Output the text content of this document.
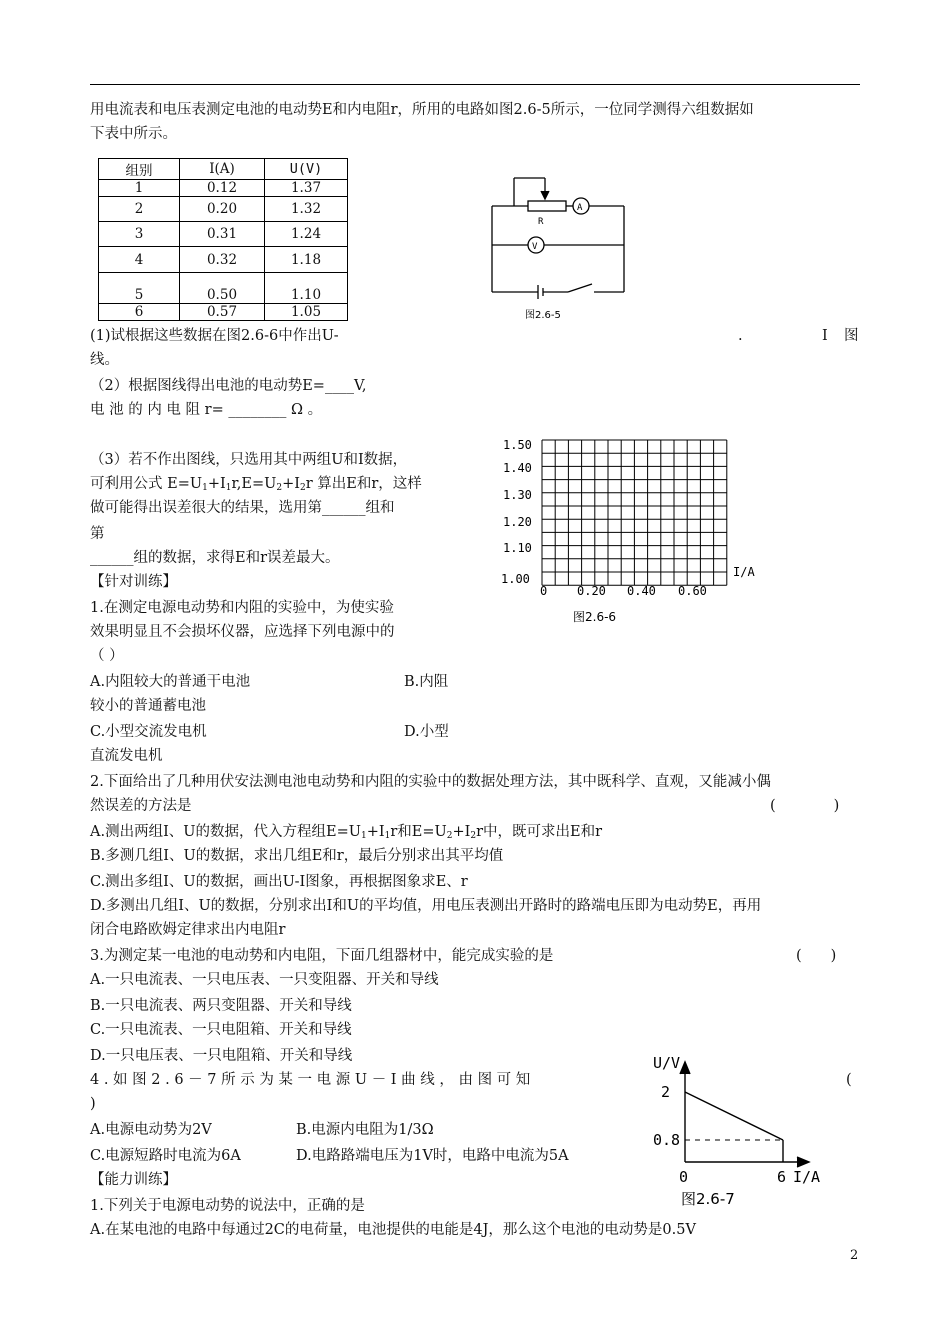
用电流表和电压表测定电池的电动势E和内电阻r，所用的电路如图2.6-5所示，一位同学测得六组数据如
下表中所示。
组别	I(A)	U(V)
1	0.12	1.37
2	0.20	1.32
3	0.31	1.24
4	0.32	1.18
5	0.50	1.10
6	0.57	1.05
R
A
V
图2.6-5
(1)试根据这些数据在图2.6-6中作出U-	.	I 图
线。
（2）根据图线得出电池的电动势E=____V,
电 池 的 内 电 阻 r= ________ Ω 。
（3）若不作出图线，只选用其中两组U和I数据，
可利用公式 $E=U_1+I_1r,E=U_2+I_2r$ 算出E和r，这样
做可能得出误差很大的结果，选用第______组和
第
______组的数据，求得E和r误差最大。
1.50
1.40
1.30
1.20
1.10
1.00
0 0.20 0.40 0.60
I/A
图2.6-6
【针对训练】
1.在测定电源电动势和内阻的实验中，为使实验
效果明显且不会损坏仪器，应选择下列电源中的
（ ）
A.内阻较大的普通干电池	B.内阻
较小的普通蓄电池
C.小型交流发电机	D.小型
直流发电机
2.下面给出了几种用伏安法测电池电动势和内阻的实验中的数据处理方法，其中既科学、直观，又能减小偶
然误差的方法是	(　　　　)
A.测出两组I、U的数据，代入方程组$E=U_1+I_1r$和$E=U_2+I_2r$中，既可求出E和r
B.多测几组I、U的数据，求出几组E和r，最后分别求出其平均值
C.测出多组I、U的数据，画出U-I图象，再根据图象求E、r
D.多测出几组I、U的数据，分别求出I和U的平均值，用电压表测出开路时的路端电压即为电动势E，再用
闭合电路欧姆定律求出内电阻r
3.为测定某一电池的电动势和内电阻，下面几组器材中，能完成实验的是	(　　)
A.一只电流表、一只电压表、一只变阻器、开关和导线
B.一只电流表、两只变阻器、开关和导线
C.一只电流表、一只电阻箱、开关和导线
D.一只电压表、一只电阻箱、开关和导线
4 . 如 图 2 . 6 － 7 所 示 为 某 一 电 源 U － I 曲 线 ， 由 图 可 知	(
)
A.电源电动势为2V	B.电源内电阻为1/3Ω
C.电源短路时电流为6A	D.电路路端电压为1V时，电路中电流为5A
U/V
2
0.8
0	6 I/A
图2.6-7
【能力训练】
1.下列关于电源电动势的说法中，正确的是
A.在某电池的电路中每通过2C的电荷量，电池提供的电能是4J，那么这个电池的电动势是0.5V
2
